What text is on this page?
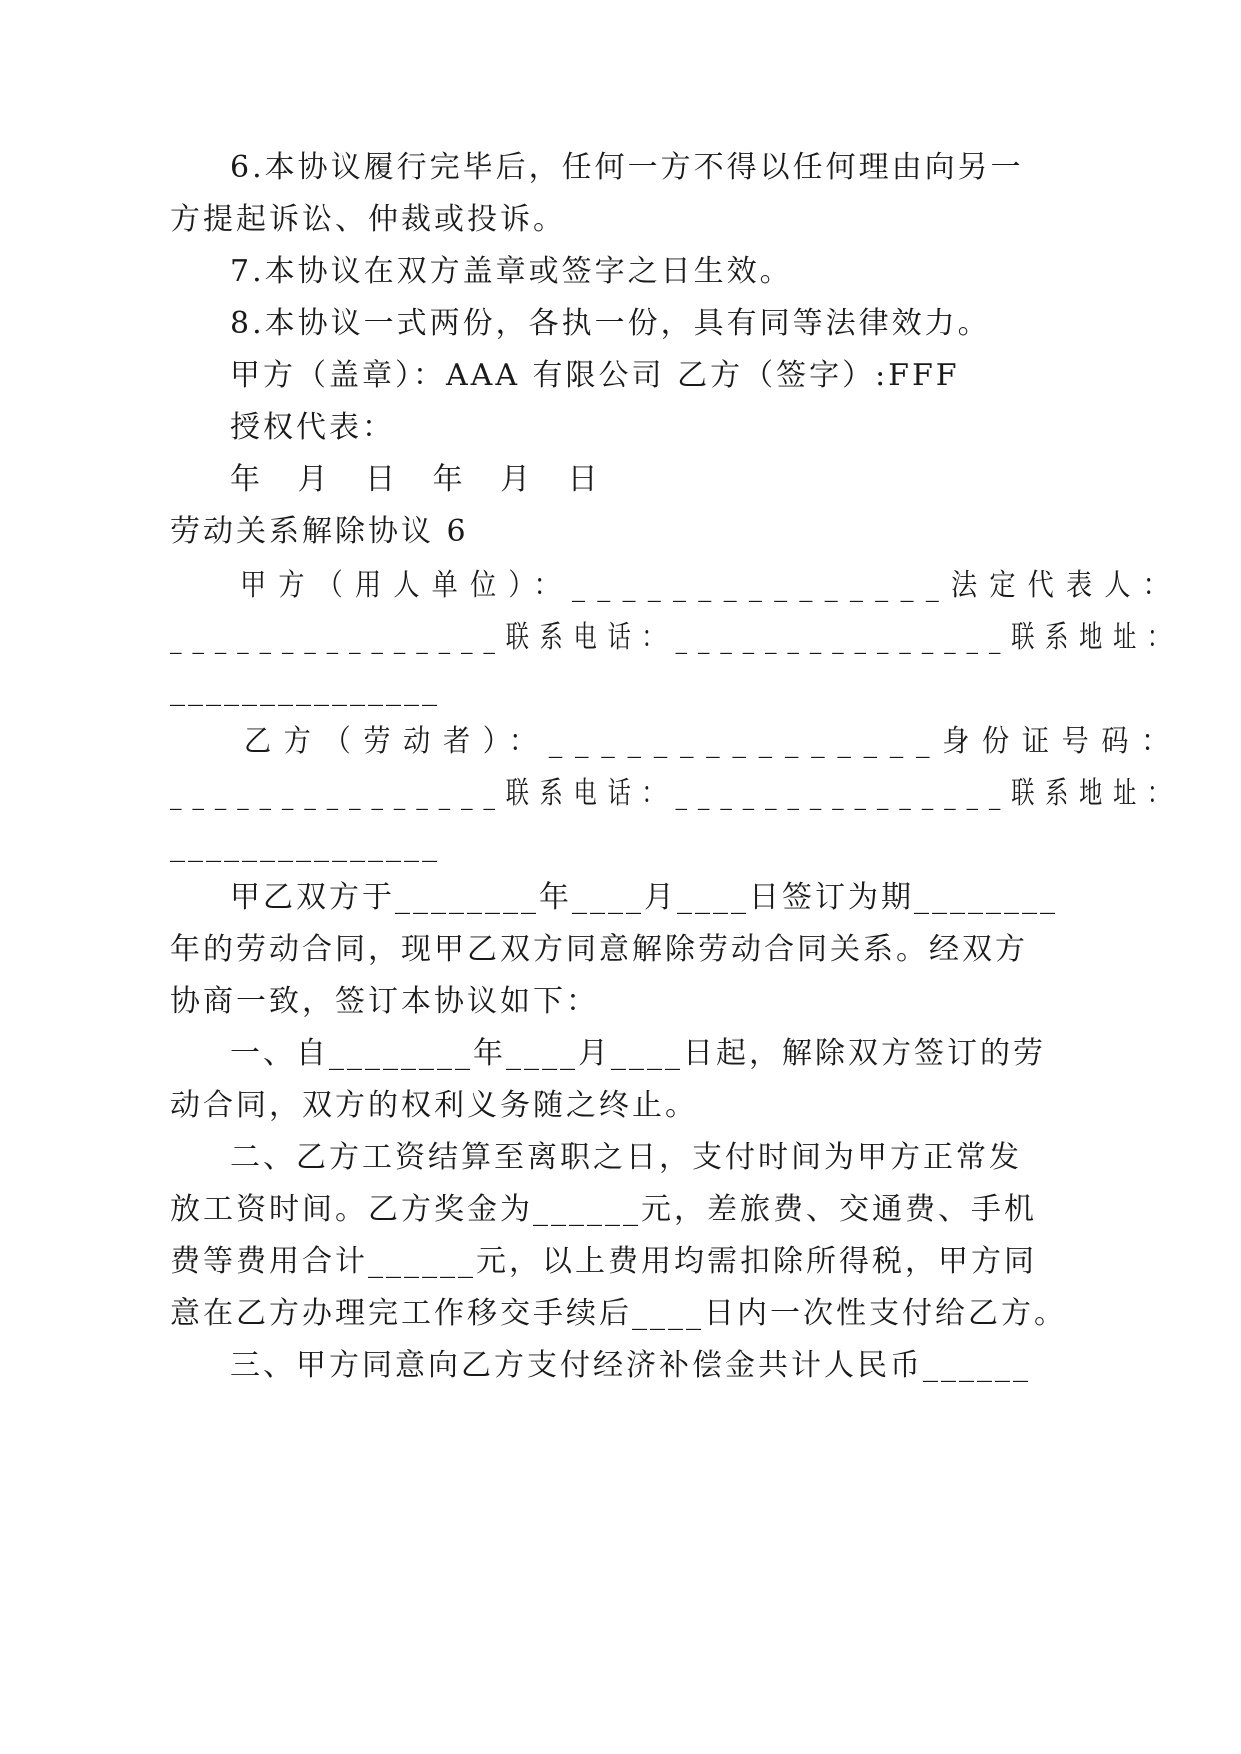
6.本协议履行完毕后，任何一方不得以任何理由向另一
方提起诉讼、仲裁或投诉。
7.本协议在双方盖章或签字之日生效。
8.本协议一式两份，各执一份，具有同等法律效力。
甲方（盖章）：AAA 有限公司 乙方（签字）:FFF
授权代表：
年 月 日 年 月 日
劳动关系解除协议 6
甲方（用人单位）：_______________法定代表人：
_______________联系电话：_______________联系地址：
_______________
乙方（劳动者）：_______________身份证号码：
_______________联系电话：_______________联系地址：
_______________
甲乙双方于________年____月____日签订为期________
年的劳动合同，现甲乙双方同意解除劳动合同关系。经双方
协商一致，签订本协议如下：
一、自________年____月____日起，解除双方签订的劳
动合同，双方的权利义务随之终止。
二、乙方工资结算至离职之日，支付时间为甲方正常发
放工资时间。乙方奖金为______元，差旅费、交通费、手机
费等费用合计______元，以上费用均需扣除所得税，甲方同
意在乙方办理完工作移交手续后____日内一次性支付给乙方。
三、甲方同意向乙方支付经济补偿金共计人民币______
